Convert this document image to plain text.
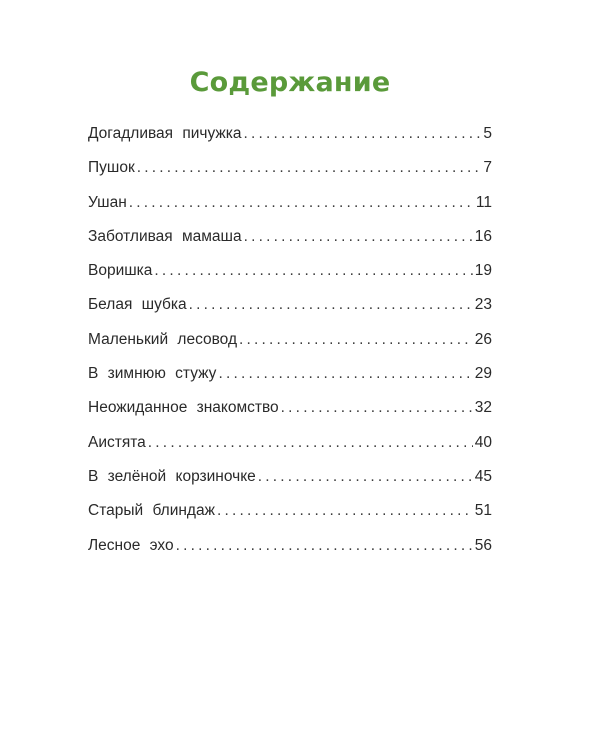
Содержание
Догадливая пичужка .....	5
Пушок .....	7
Ушан .....	11
Заботливая мамаша .....	16
Воришка .....	19
Белая шубка .....	23
Маленький лесовод .....	26
В зимнюю стужу .....	29
Неожиданное знакомство .....	32
Аистята .....	40
В зелёной корзиночке .....	45
Старый блиндаж .....	51
Лесное эхо .....	56
